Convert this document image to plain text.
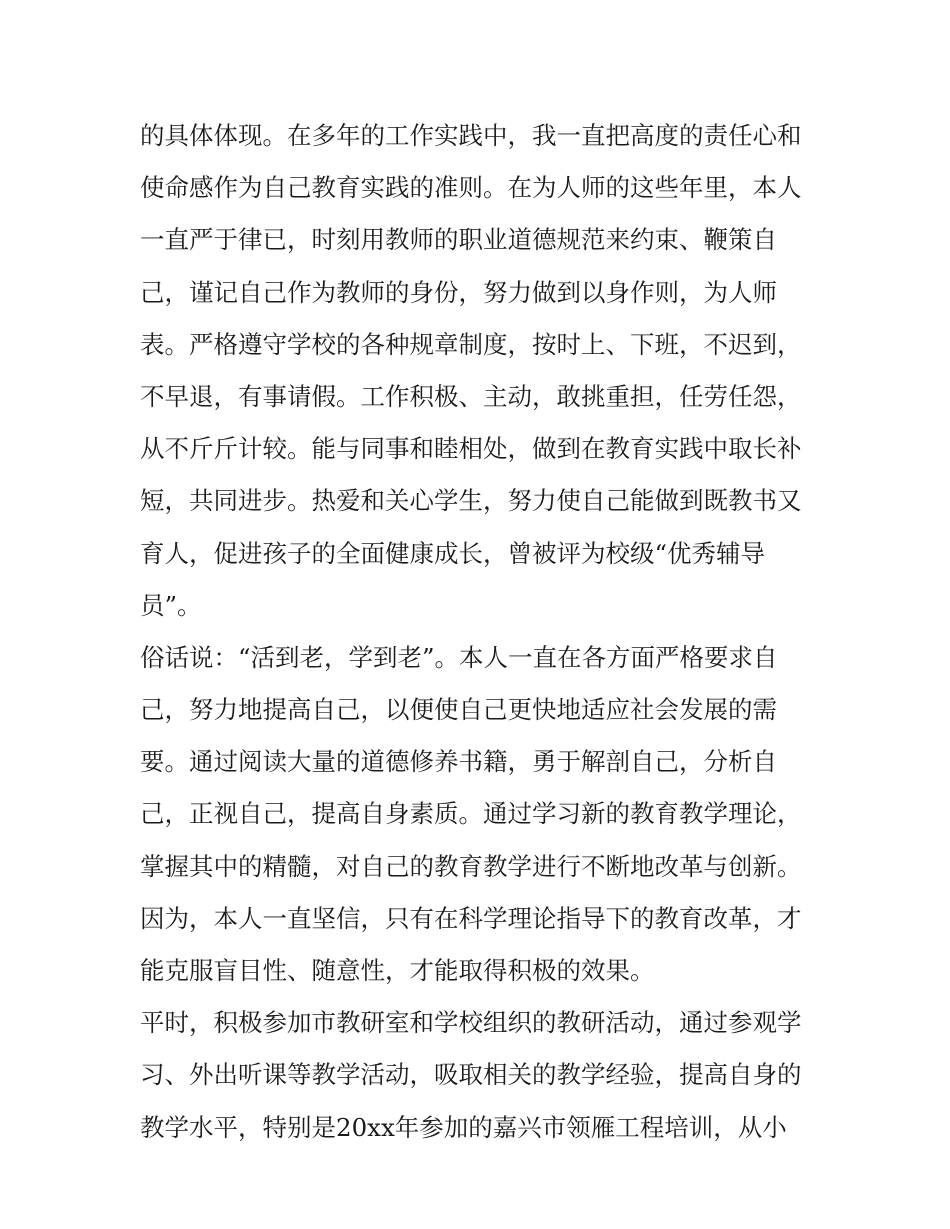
的具体体现。在多年的工作实践中，我一直把高度的责任心和
使命感作为自己教育实践的准则。在为人师的这些年里，本人
一直严于律已，时刻用教师的职业道德规范来约束、鞭策自
己，谨记自己作为教师的身份，努力做到以身作则，为人师
表。严格遵守学校的各种规章制度，按时上、下班，不迟到，
不早退，有事请假。工作积极、主动，敢挑重担，任劳任怨，
从不斤斤计较。能与同事和睦相处，做到在教育实践中取长补
短，共同进步。热爱和关心学生，努力使自己能做到既教书又
育人，促进孩子的全面健康成长，曾被评为校级“优秀辅导
员”。
俗话说：“活到老，学到老”。本人一直在各方面严格要求自
己，努力地提高自己，以便使自己更快地适应社会发展的需
要。通过阅读大量的道德修养书籍，勇于解剖自己，分析自
己，正视自己，提高自身素质。通过学习新的教育教学理论，
掌握其中的精髓，对自己的教育教学进行不断地改革与创新。
因为，本人一直坚信，只有在科学理论指导下的教育改革，才
能克服盲目性、随意性，才能取得积极的效果。
平时，积极参加市教研室和学校组织的教研活动，通过参观学
习、外出听课等教学活动，吸取相关的教学经验，提高自身的
教学水平，特别是20xx年参加的嘉兴市领雁工程培训，从小
